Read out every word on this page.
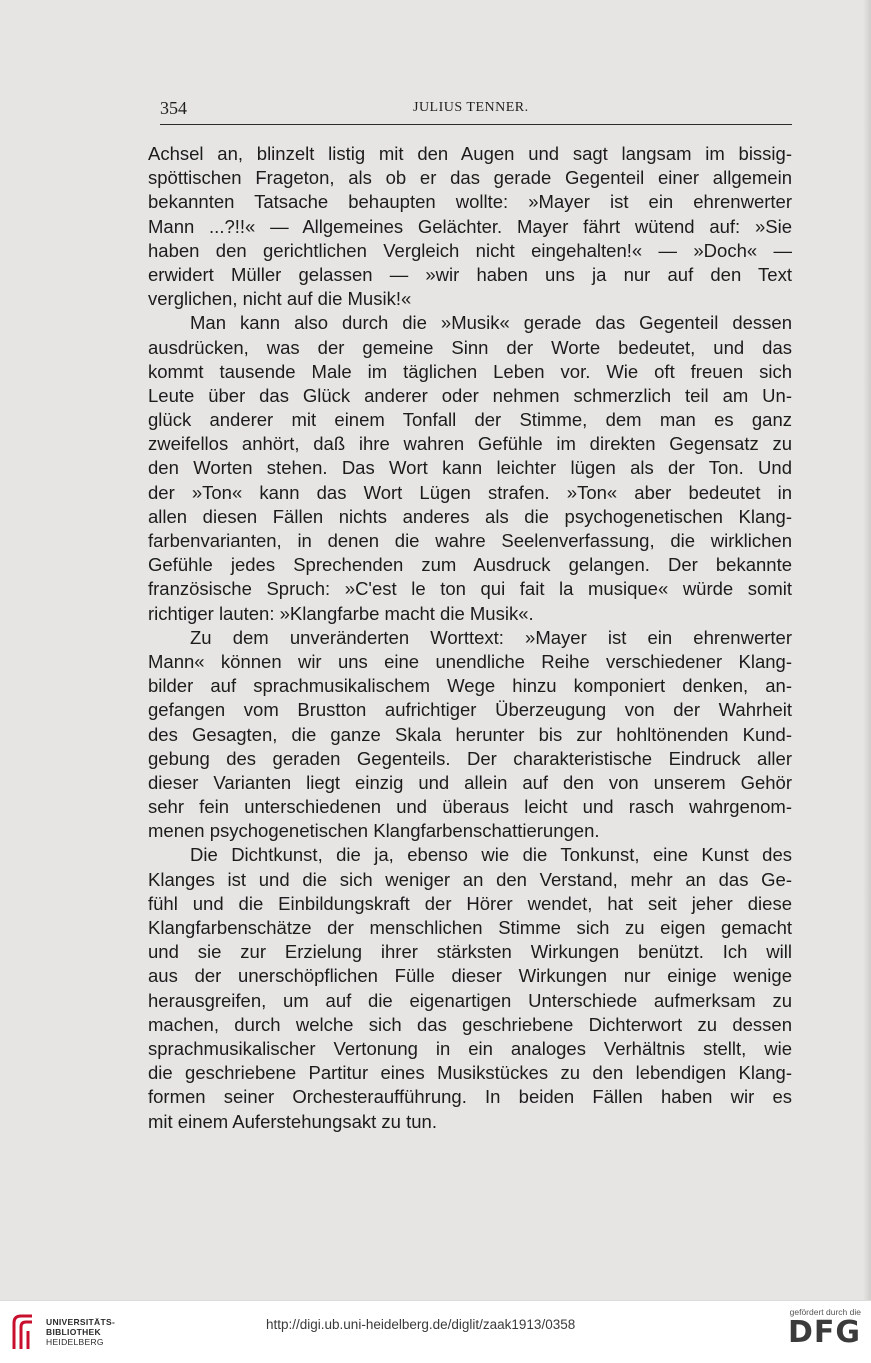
354	JULIUS TENNER.
Achsel an, blinzelt listig mit den Augen und sagt langsam im bissig-
spöttischen Frageton, als ob er das gerade Gegenteil einer allgemein
bekannten Tatsache behaupten wollte: »Mayer ist ein ehrenwerter
Mann ...?!!« — Allgemeines Gelächter. Mayer fährt wütend auf: »Sie
haben den gerichtlichen Vergleich nicht eingehalten!« — »Doch« —
erwidert Müller gelassen — »wir haben uns ja nur auf den Text
verglichen, nicht auf die Musik!«
Man kann also durch die »Musik« gerade das Gegenteil dessen
ausdrücken, was der gemeine Sinn der Worte bedeutet, und das
kommt tausende Male im täglichen Leben vor. Wie oft freuen sich
Leute über das Glück anderer oder nehmen schmerzlich teil am Un-
glück anderer mit einem Tonfall der Stimme, dem man es ganz
zweifellos anhört, daß ihre wahren Gefühle im direkten Gegensatz zu
den Worten stehen. Das Wort kann leichter lügen als der Ton. Und
der »Ton« kann das Wort Lügen strafen. »Ton« aber bedeutet in
allen diesen Fällen nichts anderes als die psychogenetischen Klang-
farbenvarianten, in denen die wahre Seelenverfassung, die wirklichen
Gefühle jedes Sprechenden zum Ausdruck gelangen. Der bekannte
französische Spruch: »C'est le ton qui fait la musique« würde somit
richtiger lauten: »Klangfarbe macht die Musik«.
Zu dem unveränderten Worttext: »Mayer ist ein ehrenwerter
Mann« können wir uns eine unendliche Reihe verschiedener Klang-
bilder auf sprachmusikalischem Wege hinzu komponiert denken, an-
gefangen vom Brustton aufrichtiger Überzeugung von der Wahrheit
des Gesagten, die ganze Skala herunter bis zur hohltönenden Kund-
gebung des geraden Gegenteils. Der charakteristische Eindruck aller
dieser Varianten liegt einzig und allein auf den von unserem Gehör
sehr fein unterschiedenen und überaus leicht und rasch wahrgenom-
menen psychogenetischen Klangfarbenschattierungen.
Die Dichtkunst, die ja, ebenso wie die Tonkunst, eine Kunst des
Klanges ist und die sich weniger an den Verstand, mehr an das Ge-
fühl und die Einbildungskraft der Hörer wendet, hat seit jeher diese
Klangfarbenschätze der menschlichen Stimme sich zu eigen gemacht
und sie zur Erzielung ihrer stärksten Wirkungen benützt. Ich will
aus der unerschöpflichen Fülle dieser Wirkungen nur einige wenige
herausgreifen, um auf die eigenartigen Unterschiede aufmerksam zu
machen, durch welche sich das geschriebene Dichterwort zu dessen
sprachmusikalischer Vertonung in ein analoges Verhältnis stellt, wie
die geschriebene Partitur eines Musikstückes zu den lebendigen Klang-
formen seiner Orchesteraufführung. In beiden Fällen haben wir es
mit einem Auferstehungsakt zu tun.
UNIVERSITÄTS-
BIBLIOTHEK
HEIDELBERG
http://digi.ub.uni-heidelberg.de/diglit/zaak1913/0358
gefördert durch die
DFG
